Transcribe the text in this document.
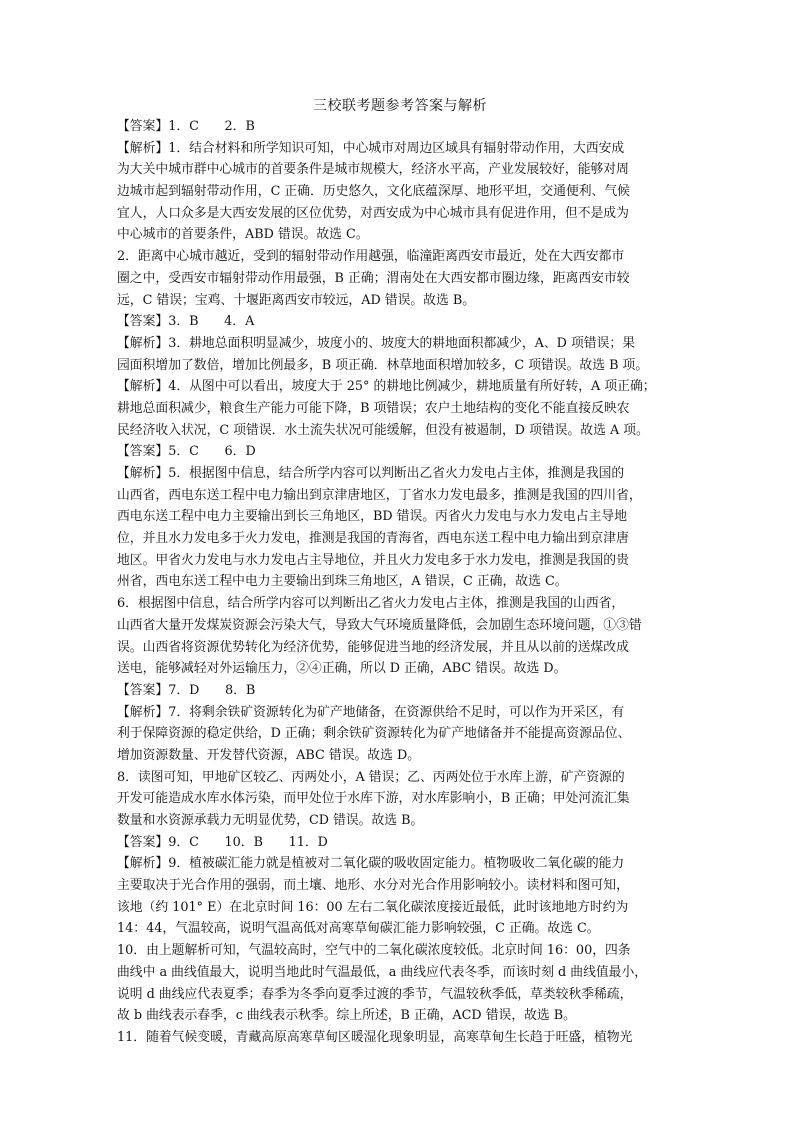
三校联考题参考答案与解析

【答案】1．C　　2．B

【解析】1．结合材料和所学知识可知，中心城市对周边区域具有辐射带动作用，大西安成

为大关中城市群中心城市的首要条件是城市规模大，经济水平高，产业发展较好，能够对周

边城市起到辐射带动作用，C 正确．历史悠久，文化底蕴深厚、地形平坦，交通便利、气候

宜人，人口众多是大西安发展的区位优势，对西安成为中心城市具有促进作用，但不是成为

中心城市的首要条件，ABD 错误。故选 C。

2．距离中心城市越近，受到的辐射带动作用越强，临潼距离西安市最近，处在大西安都市

圈之中，受西安市辐射带动作用最强，B 正确；渭南处在大西安都市圈边缘，距离西安市较

远，C 错误；宝鸡、十堰距离西安市较远，AD 错误。故选 B。

【答案】3．B　　4．A

【解析】3．耕地总面积明显减少，坡度小的、坡度大的耕地面积都减少，A、D 项错误；果

园面积增加了数倍，增加比例最多，B 项正确．林草地面积增加较多，C 项错误。故选 B 项。

【解析】4．从图中可以看出，坡度大于 25° 的耕地比例减少，耕地质量有所好转，A 项正确；

耕地总面积减少，粮食生产能力可能下降，B 项错误；农户土地结构的变化不能直接反映农

民经济收入状况，C 项错误．水土流失状况可能缓解，但没有被遏制，D 项错误。故选 A 项。

【答案】5．C　　6．D

【解析】5．根据图中信息，结合所学内容可以判断出乙省火力发电占主体，推测是我国的

山西省，西电东送工程中电力输出到京津唐地区，丁省水力发电最多，推测是我国的四川省，

西电东送工程中电力主要输出到长三角地区，BD 错误。丙省火力发电与水力发电占主导地

位，并且水力发电多于火力发电，推测是我国的青海省，西电东送工程中电力输出到京津唐

地区。甲省火力发电与水力发电占主导地位，并且火力发电多于水力发电，推测是我国的贵

州省，西电东送工程中电力主要输出到珠三角地区，A 错误，C 正确，故选 C。

6．根据图中信息，结合所学内容可以判断出乙省火力发电占主体，推测是我国的山西省，

山西省大量开发煤炭资源会污染大气，导致大气环境质量降低，会加剧生态环境问题，①③错

误。山西省将资源优势转化为经济优势，能够促进当地的经济发展，并且从以前的送煤改成

送电，能够减轻对外运输压力，②④正确，所以 D 正确，ABC 错误。故选 D。

【答案】7．D　　8．B

【解析】7．将剩余铁矿资源转化为矿产地储备，在资源供给不足时，可以作为开采区，有

利于保障资源的稳定供给，D 正确；剩余铁矿资源转化为矿产地储备并不能提高资源品位、

增加资源数量、开发替代资源，ABC 错误。故选 D。

8．读图可知，甲地矿区较乙、丙两处小，A 错误；乙、丙两处位于水库上游，矿产资源的

开发可能造成水库水体污染，而甲处位于水库下游，对水库影响小，B 正确；甲处河流汇集

数量和水资源承载力无明显优势，CD 错误。故选 B。

【答案】9．C　　10．B　　11．D

【解析】9．植被碳汇能力就是植被对二氧化碳的吸收固定能力。植物吸收二氧化碳的能力

主要取决于光合作用的强弱，而土壤、地形、水分对光合作用影响较小。读材料和图可知，

该地（约 101° E）在北京时间 16：00 左右二氧化碳浓度接近最低，此时该地地方时约为

14：44，气温较高，说明气温高低对高寒草甸碳汇能力影响较强，C 正确。故选 C。

10．由上题解析可知，气温较高时，空气中的二氧化碳浓度较低。北京时间 16：00，四条

曲线中 a 曲线值最大，说明当地此时气温最低，a 曲线应代表冬季，而该时刻 d 曲线值最小，

说明 d 曲线应代表夏季；春季为冬季向夏季过渡的季节，气温较秋季低，草类较秋季稀疏，

故 b 曲线表示春季，c 曲线表示秋季。综上所述，B 正确，ACD 错误，故选 B。

11．随着气候变暖，青藏高原高寒草甸区暖湿化现象明显，高寒草甸生长趋于旺盛，植物光
